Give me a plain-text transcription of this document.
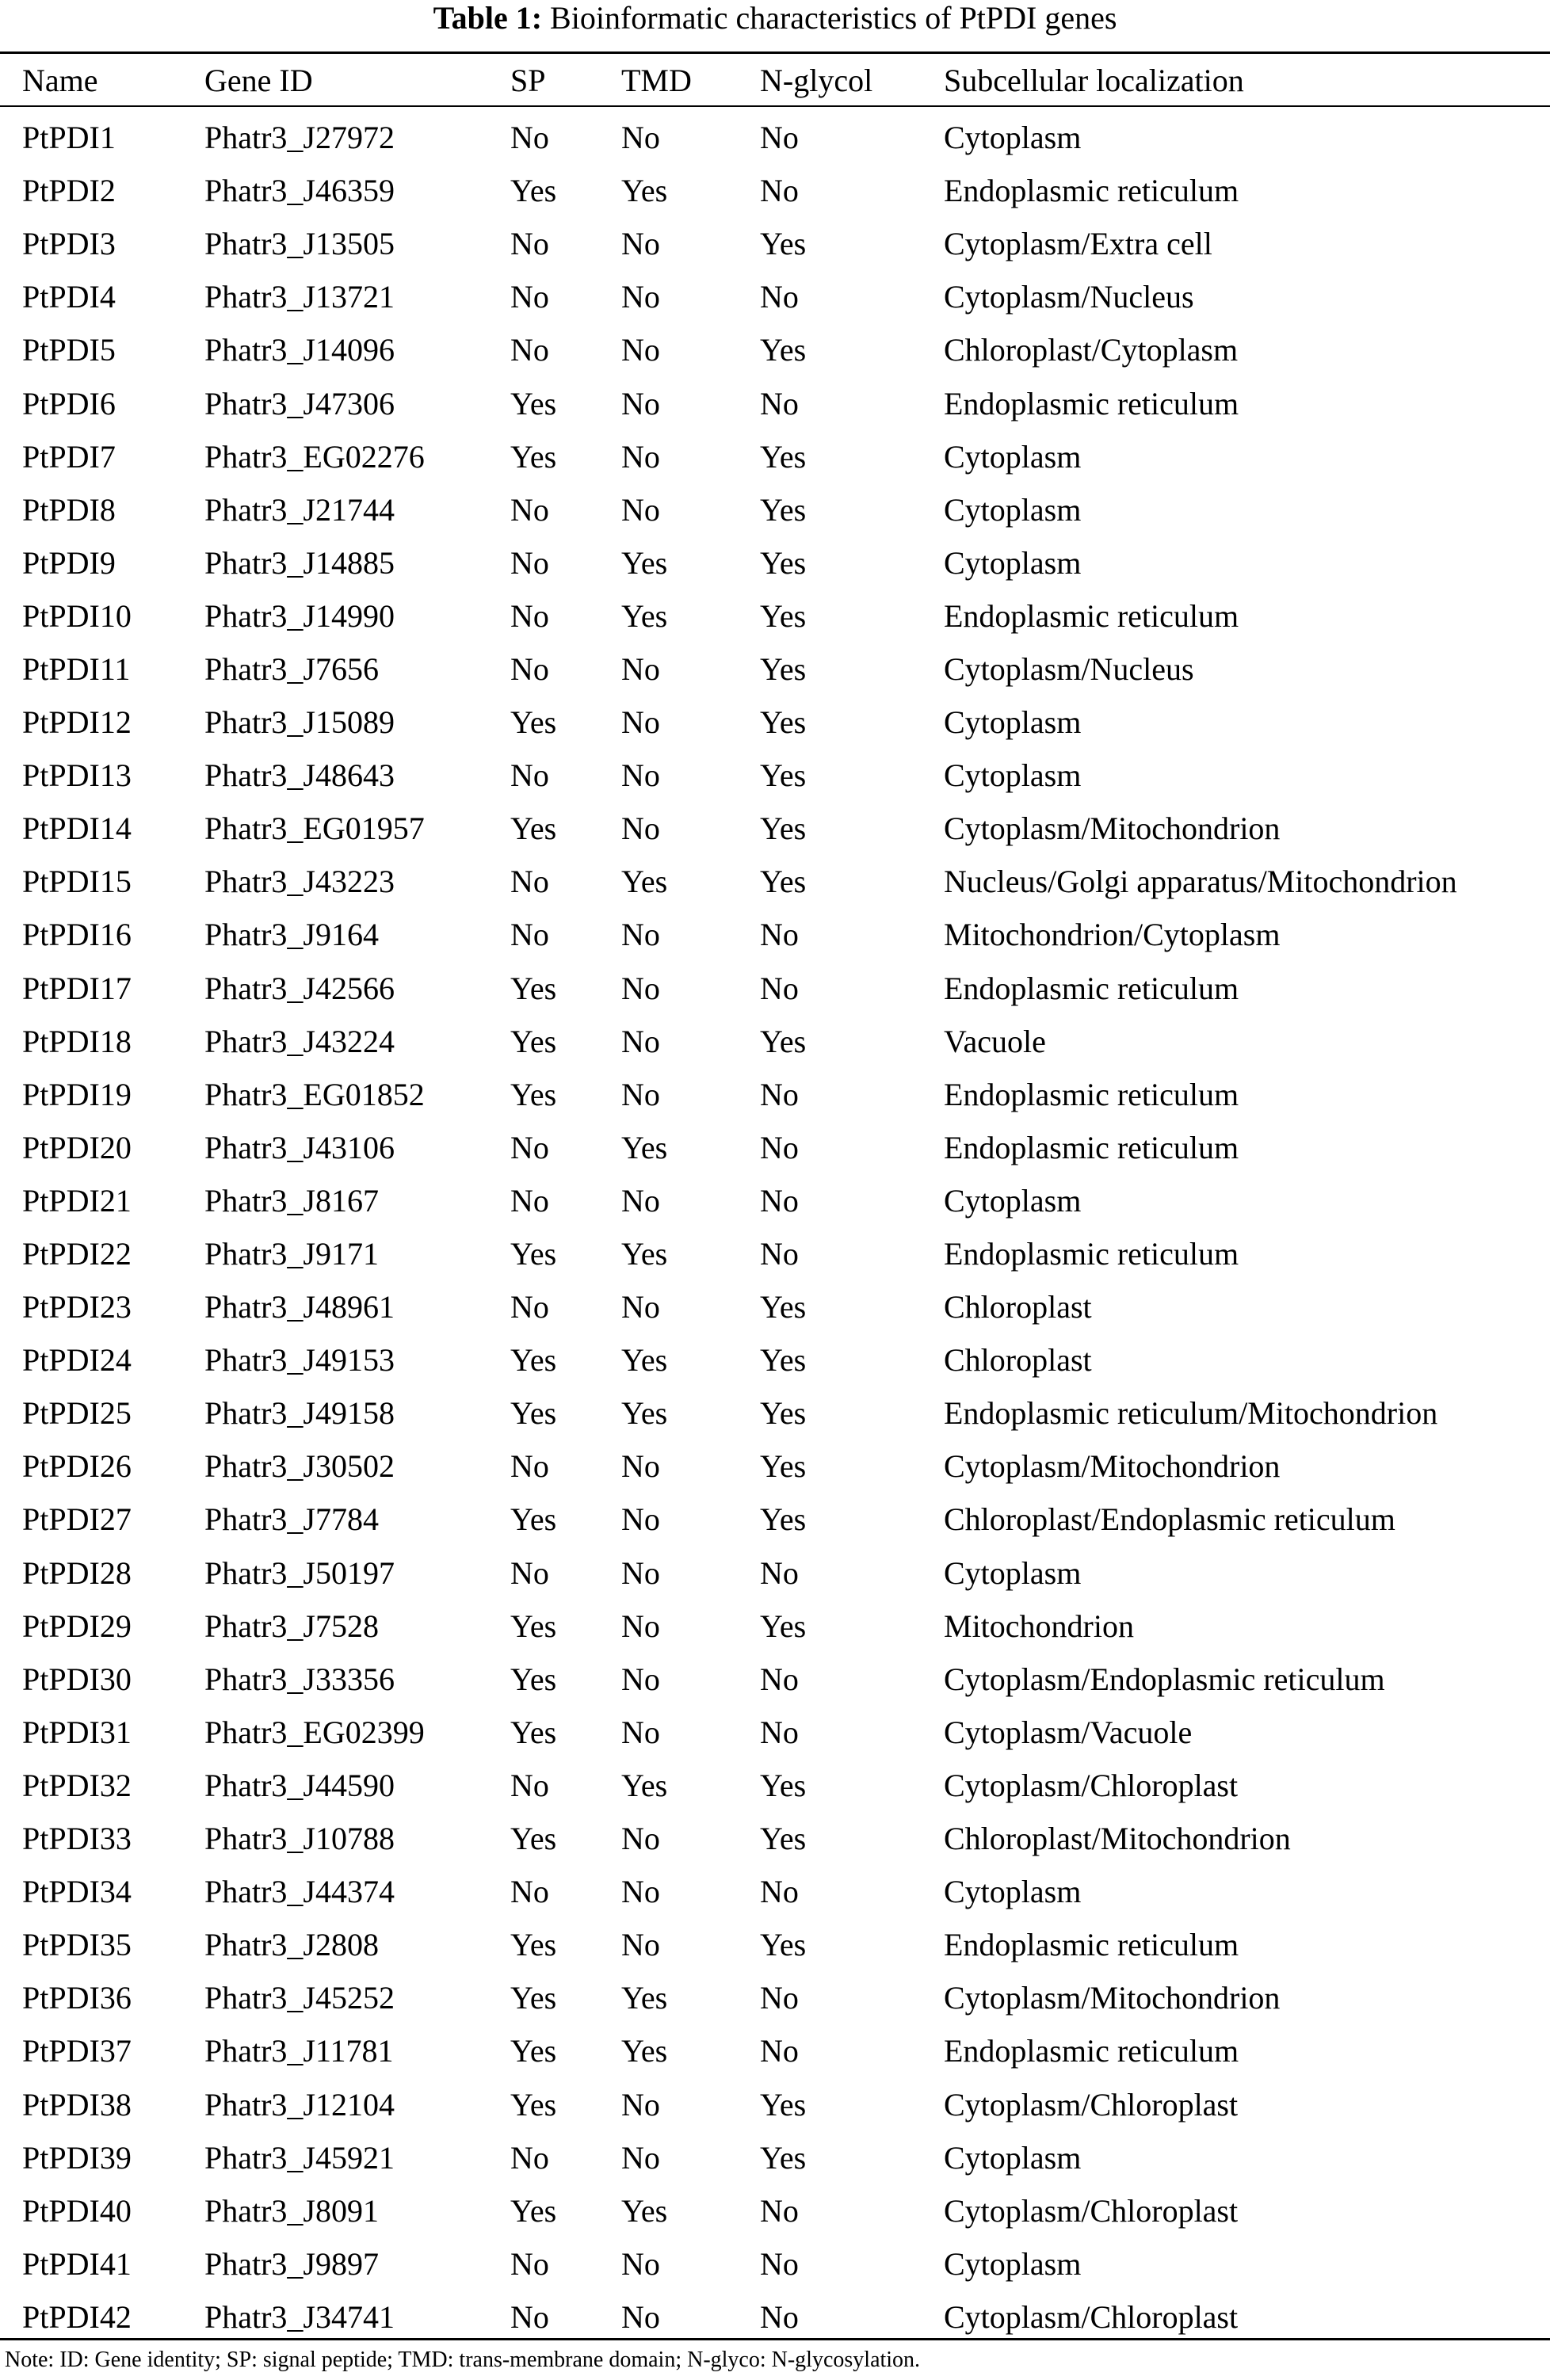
Table 1: Bioinformatic characteristics of PtPDI genes
Name	Gene ID	SP	TMD	N-glycol	Subcellular localization
PtPDI1	Phatr3_J27972	No	No	No	Cytoplasm
PtPDI2	Phatr3_J46359	Yes	Yes	No	Endoplasmic reticulum
PtPDI3	Phatr3_J13505	No	No	Yes	Cytoplasm/Extra cell
PtPDI4	Phatr3_J13721	No	No	No	Cytoplasm/Nucleus
PtPDI5	Phatr3_J14096	No	No	Yes	Chloroplast/Cytoplasm
PtPDI6	Phatr3_J47306	Yes	No	No	Endoplasmic reticulum
PtPDI7	Phatr3_EG02276	Yes	No	Yes	Cytoplasm
PtPDI8	Phatr3_J21744	No	No	Yes	Cytoplasm
PtPDI9	Phatr3_J14885	No	Yes	Yes	Cytoplasm
PtPDI10	Phatr3_J14990	No	Yes	Yes	Endoplasmic reticulum
PtPDI11	Phatr3_J7656	No	No	Yes	Cytoplasm/Nucleus
PtPDI12	Phatr3_J15089	Yes	No	Yes	Cytoplasm
PtPDI13	Phatr3_J48643	No	No	Yes	Cytoplasm
PtPDI14	Phatr3_EG01957	Yes	No	Yes	Cytoplasm/Mitochondrion
PtPDI15	Phatr3_J43223	No	Yes	Yes	Nucleus/Golgi apparatus/Mitochondrion
PtPDI16	Phatr3_J9164	No	No	No	Mitochondrion/Cytoplasm
PtPDI17	Phatr3_J42566	Yes	No	No	Endoplasmic reticulum
PtPDI18	Phatr3_J43224	Yes	No	Yes	Vacuole
PtPDI19	Phatr3_EG01852	Yes	No	No	Endoplasmic reticulum
PtPDI20	Phatr3_J43106	No	Yes	No	Endoplasmic reticulum
PtPDI21	Phatr3_J8167	No	No	No	Cytoplasm
PtPDI22	Phatr3_J9171	Yes	Yes	No	Endoplasmic reticulum
PtPDI23	Phatr3_J48961	No	No	Yes	Chloroplast
PtPDI24	Phatr3_J49153	Yes	Yes	Yes	Chloroplast
PtPDI25	Phatr3_J49158	Yes	Yes	Yes	Endoplasmic reticulum/Mitochondrion
PtPDI26	Phatr3_J30502	No	No	Yes	Cytoplasm/Mitochondrion
PtPDI27	Phatr3_J7784	Yes	No	Yes	Chloroplast/Endoplasmic reticulum
PtPDI28	Phatr3_J50197	No	No	No	Cytoplasm
PtPDI29	Phatr3_J7528	Yes	No	Yes	Mitochondrion
PtPDI30	Phatr3_J33356	Yes	No	No	Cytoplasm/Endoplasmic reticulum
PtPDI31	Phatr3_EG02399	Yes	No	No	Cytoplasm/Vacuole
PtPDI32	Phatr3_J44590	No	Yes	Yes	Cytoplasm/Chloroplast
PtPDI33	Phatr3_J10788	Yes	No	Yes	Chloroplast/Mitochondrion
PtPDI34	Phatr3_J44374	No	No	No	Cytoplasm
PtPDI35	Phatr3_J2808	Yes	No	Yes	Endoplasmic reticulum
PtPDI36	Phatr3_J45252	Yes	Yes	No	Cytoplasm/Mitochondrion
PtPDI37	Phatr3_J11781	Yes	Yes	No	Endoplasmic reticulum
PtPDI38	Phatr3_J12104	Yes	No	Yes	Cytoplasm/Chloroplast
PtPDI39	Phatr3_J45921	No	No	Yes	Cytoplasm
PtPDI40	Phatr3_J8091	Yes	Yes	No	Cytoplasm/Chloroplast
PtPDI41	Phatr3_J9897	No	No	No	Cytoplasm
PtPDI42	Phatr3_J34741	No	No	No	Cytoplasm/Chloroplast
Note: ID: Gene identity; SP: signal peptide; TMD: trans-membrane domain; N-glyco: N-glycosylation.
